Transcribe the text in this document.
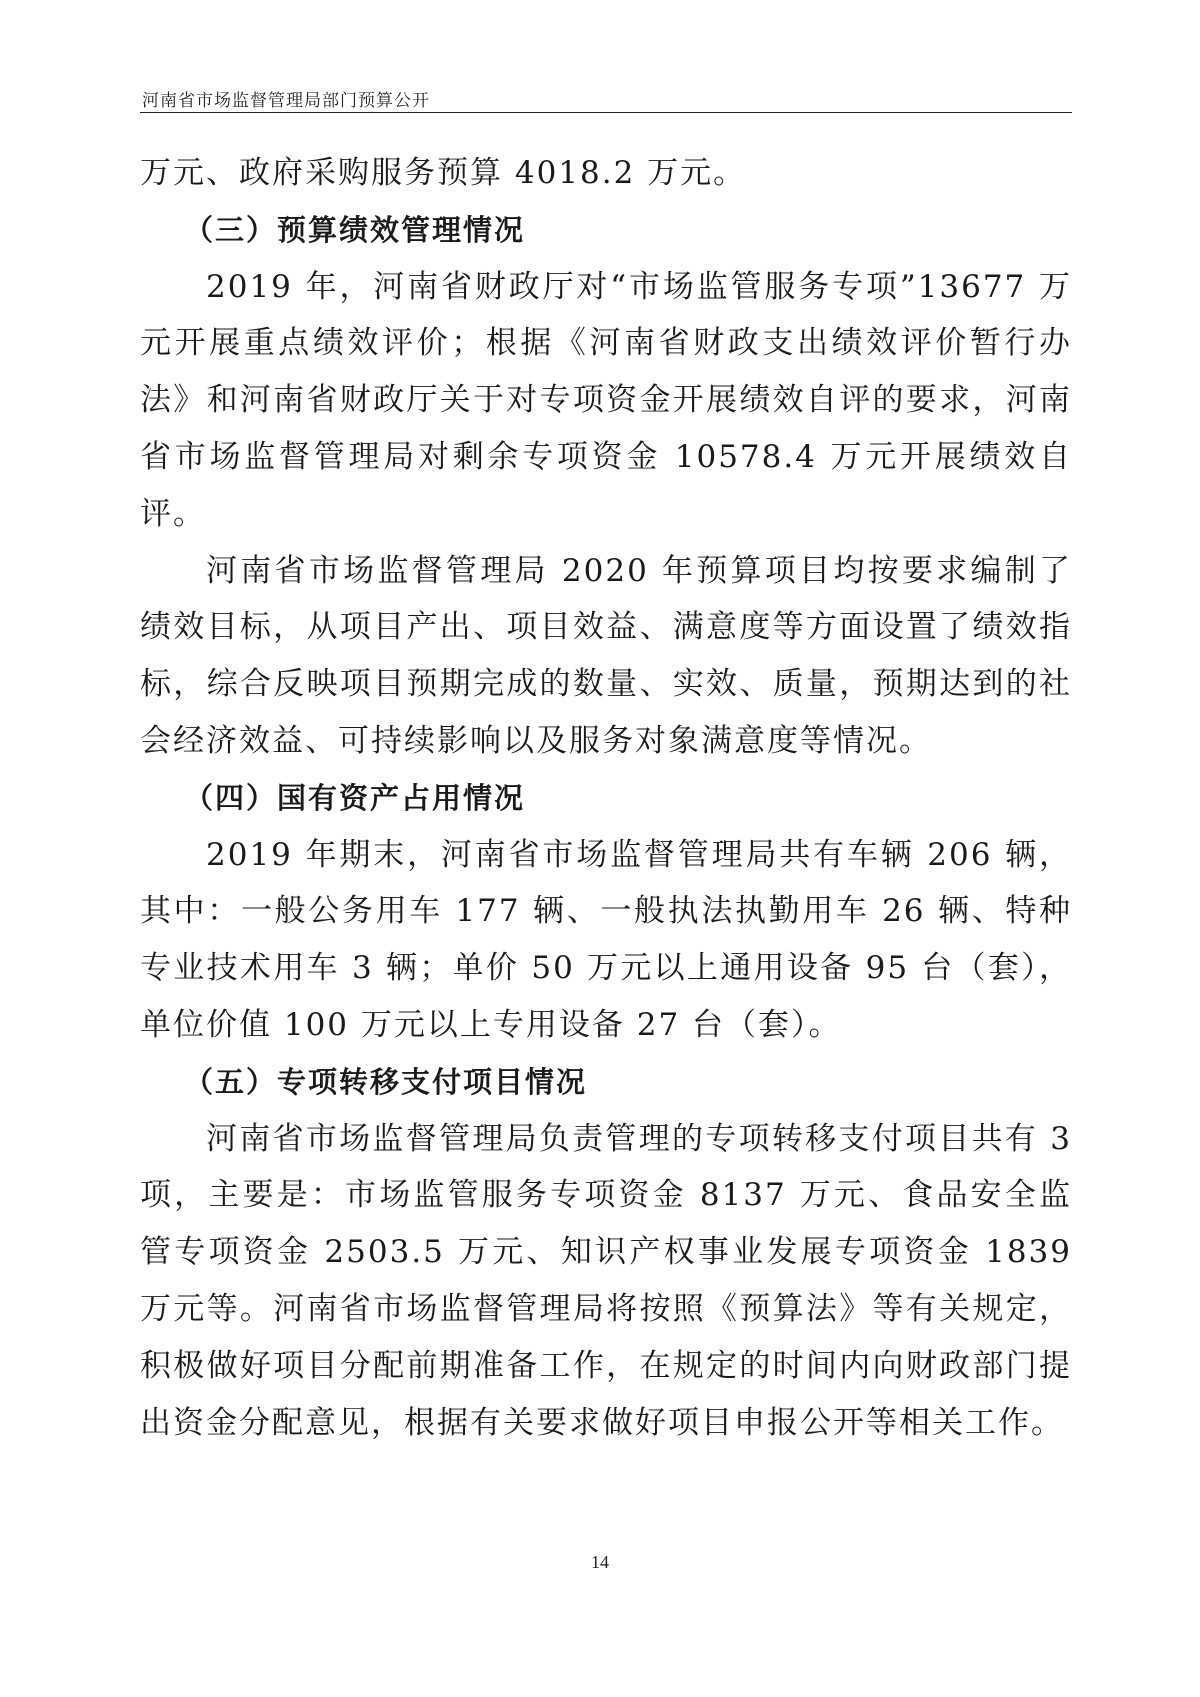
河南省市场监督管理局部门预算公开

万元、政府采购服务预算 4018.2 万元。

（三）预算绩效管理情况

2019 年，河南省财政厅对“市场监管服务专项”13677 万元开展重点绩效评价；根据《河南省财政支出绩效评价暂行办法》和河南省财政厅关于对专项资金开展绩效自评的要求，河南省市场监督管理局对剩余专项资金 10578.4 万元开展绩效自评。

河南省市场监督管理局 2020 年预算项目均按要求编制了绩效目标，从项目产出、项目效益、满意度等方面设置了绩效指标，综合反映项目预期完成的数量、实效、质量，预期达到的社会经济效益、可持续影响以及服务对象满意度等情况。

（四）国有资产占用情况

2019 年期末，河南省市场监督管理局共有车辆 206 辆，其中：一般公务用车 177 辆、一般执法执勤用车 26 辆、特种专业技术用车 3 辆；单价 50 万元以上通用设备 95 台（套），单位价值 100 万元以上专用设备 27 台（套）。

（五）专项转移支付项目情况

河南省市场监督管理局负责管理的专项转移支付项目共有 3 项，主要是：市场监管服务专项资金 8137 万元、食品安全监管专项资金 2503.5 万元、知识产权事业发展专项资金 1839 万元等。河南省市场监督管理局将按照《预算法》等有关规定，积极做好项目分配前期准备工作，在规定的时间内向财政部门提出资金分配意见，根据有关要求做好项目申报公开等相关工作。

14
